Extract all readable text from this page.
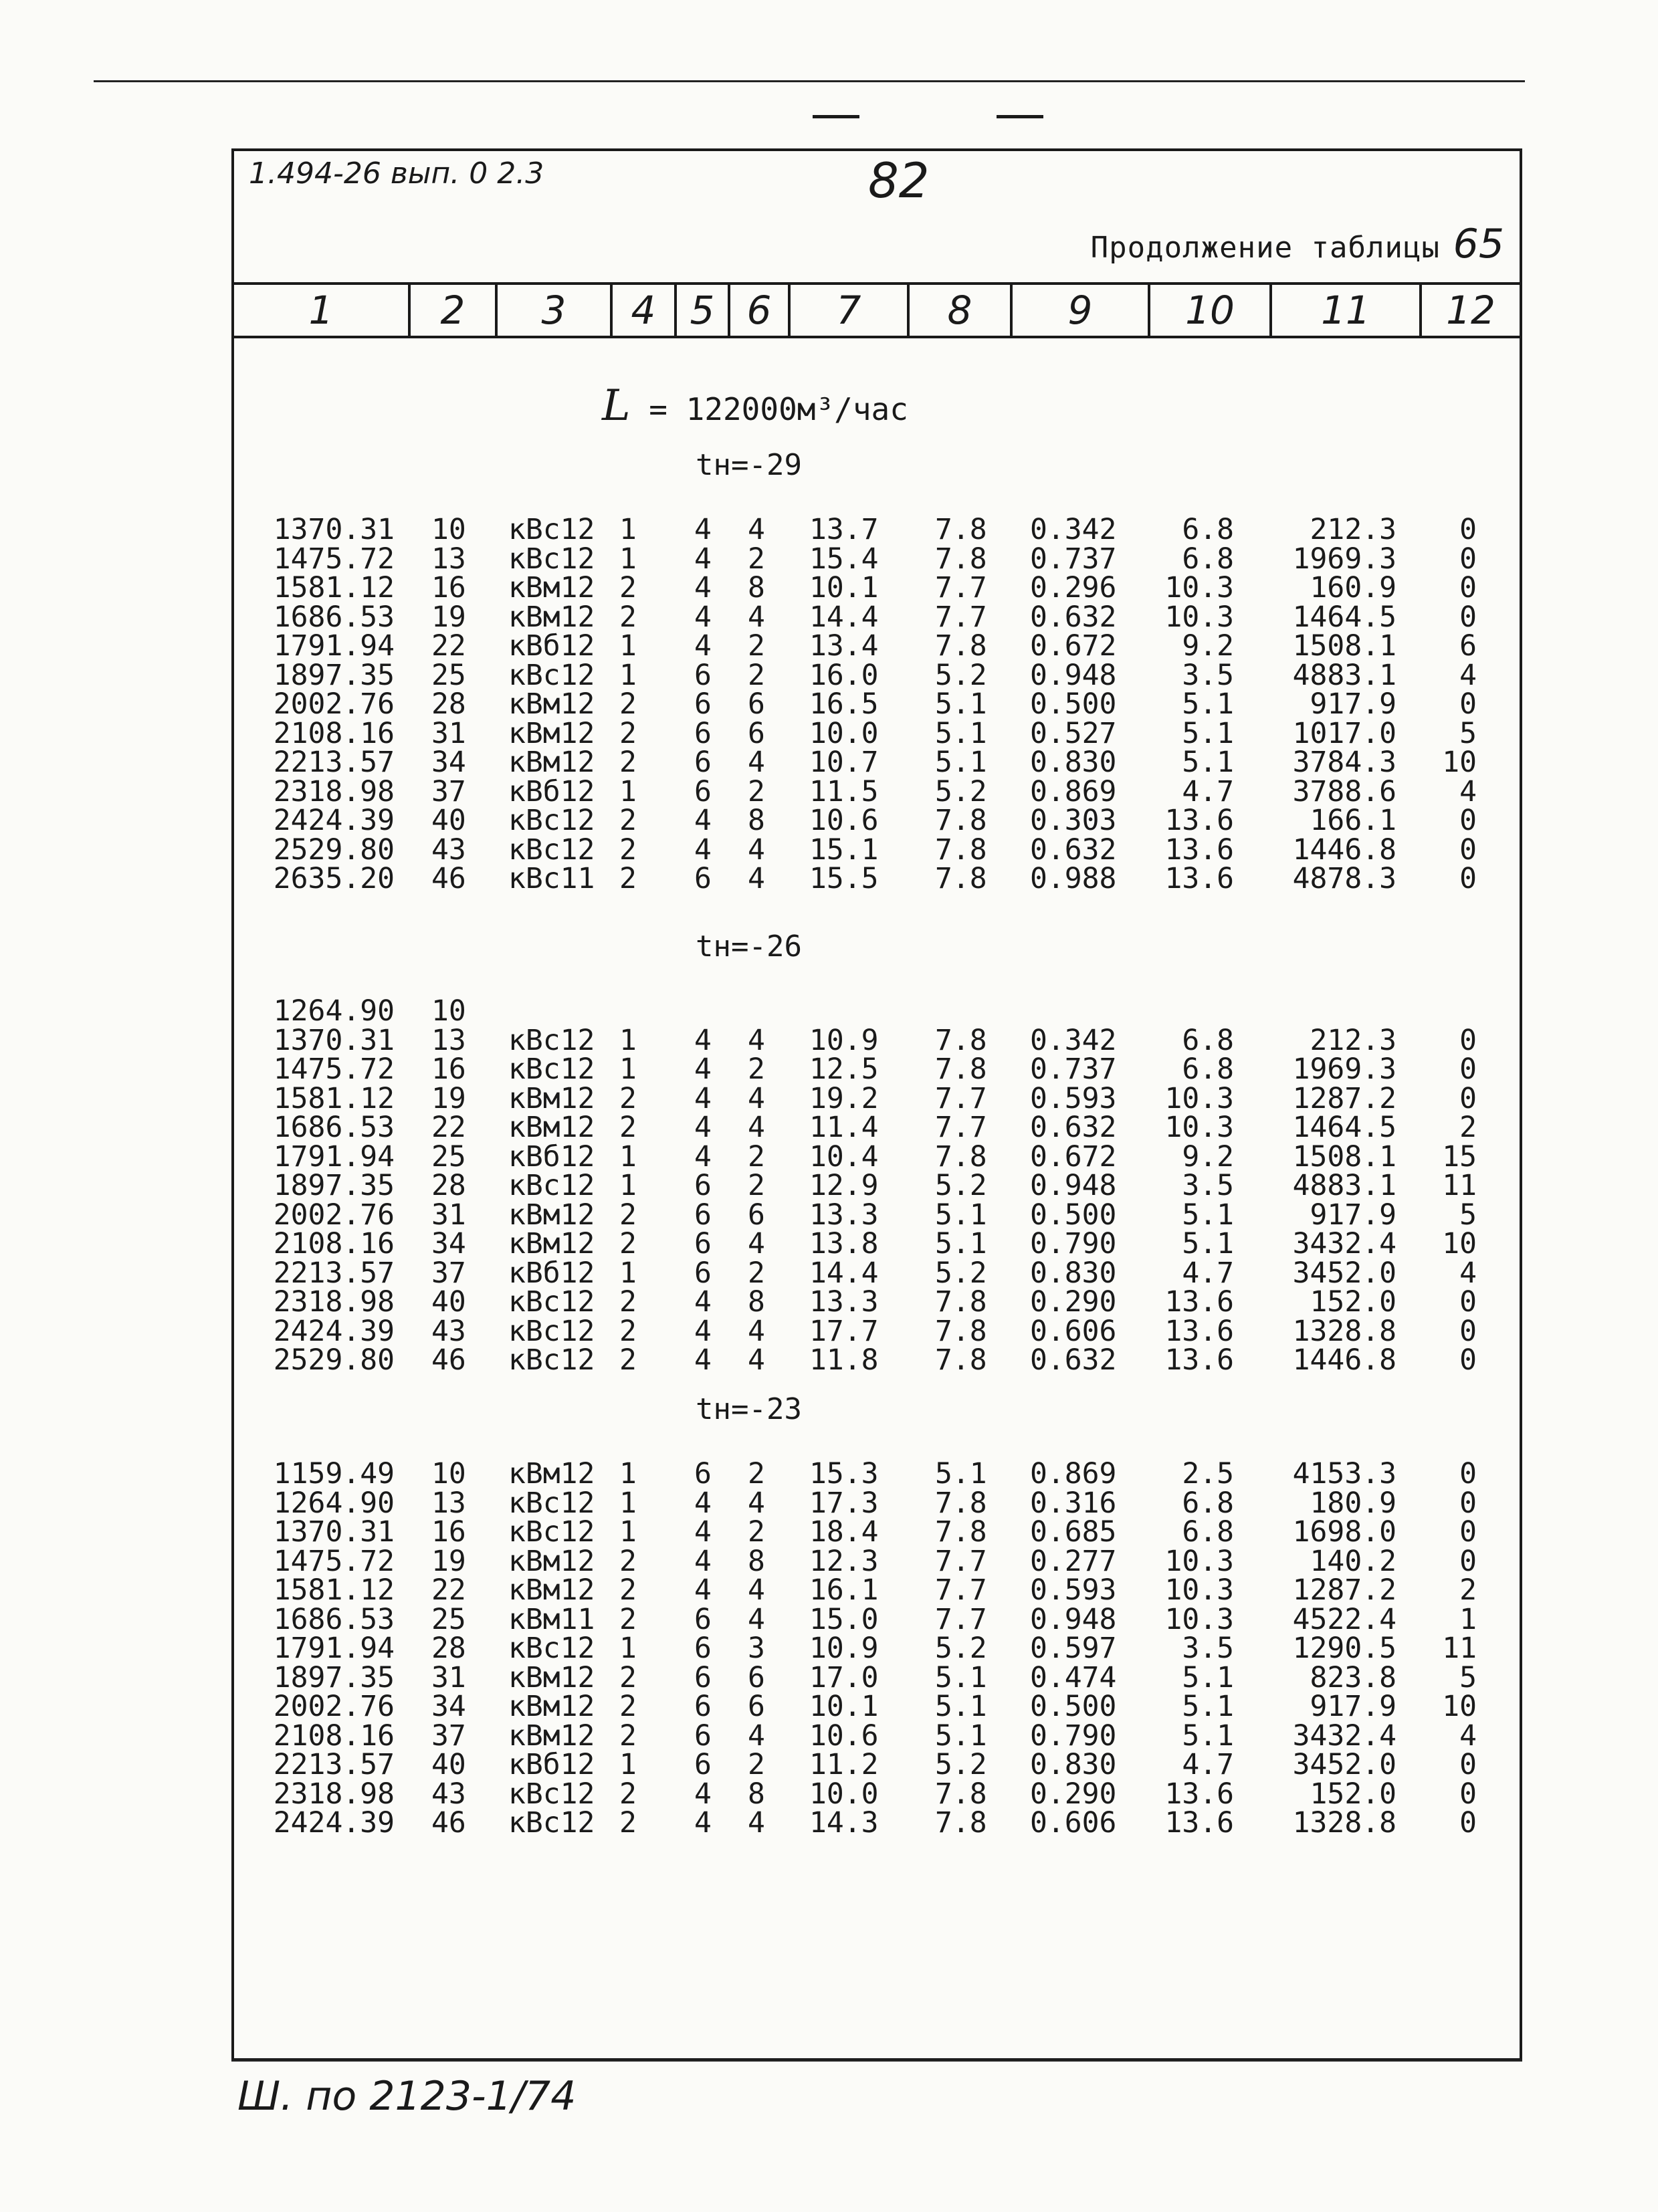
1.494-26 вып. 0 2.3	82
Продолжение таблицы 65
1	2	3	4 5 6	7	8	9	10	11	12
L = 122000м³/час
tн=-29
tн=-26
tн=-23
1370.31 10 кВс12 1 4 4 13.7 7.8 0.342 6.8	212.3 0
1475.72 13 кВс12 1 4 2 15.4 7.8 0.737 6.8 1969.3 0
1581.12 16 кВм12 2 4 8 10.1 7.7 0.296 10.3	160.9 0
1686.53 19 кВм12 2 4 4 14.4 7.7 0.632 10.3 1464.5 0
1791.94 22 кВб12 1 4 2 13.4 7.8 0.672 9.2 1508.1 6
1897.35 25 кВс12 1 6 2 16.0 5.2 0.948 3.5 4883.1 4
2002.76 28 кВм12 2 6 6 16.5 5.1 0.500 5.1	917.9 0
2108.16 31 кВм12 2 6 6 10.0 5.1 0.527 5.1 1017.0 5
2213.57 34 кВм12 2 6 4 10.7 5.1 0.830 5.1 3784.3 10
2318.98 37 кВб12 1 6 2 11.5 5.2 0.869 4.7 3788.6 4
2424.39 40 кВс12 2 4 8 10.6 7.8 0.303 13.6	166.1 0
2529.80 43 кВс12 2 4 4 15.1 7.8 0.632 13.6 1446.8 0
2635.20 46 кВс11 2 6 4 15.5 7.8 0.988 13.6 4878.3 0
1264.90 10
1370.31 13 кВс12 1 4 4 10.9 7.8 0.342 6.8	212.3 0
1475.72 16 кВс12 1 4 2 12.5 7.8 0.737 6.8 1969.3 0
1581.12 19 кВм12 2 4 4 19.2 7.7 0.593 10.3 1287.2 0
1686.53 22 кВм12 2 4 4 11.4 7.7 0.632 10.3 1464.5 2
1791.94 25 кВб12 1 4 2 10.4 7.8 0.672 9.2 1508.1 15
1897.35 28 кВс12 1 6 2 12.9 5.2 0.948 3.5 4883.1 11
2002.76 31 кВм12 2 6 6 13.3 5.1 0.500 5.1	917.9 5
2108.16 34 кВм12 2 6 4 13.8 5.1 0.790 5.1 3432.4 10
2213.57 37 кВб12 1 6 2 14.4 5.2 0.830 4.7 3452.0 4
2318.98 40 кВс12 2 4 8 13.3 7.8 0.290 13.6	152.0 0
2424.39 43 кВс12 2 4 4 17.7 7.8 0.606 13.6 1328.8 0
2529.80 46 кВс12 2 4 4 11.8 7.8 0.632 13.6 1446.8 0
1159.49 10 кВм12 1 6 2 15.3 5.1 0.869 2.5 4153.3 0
1264.90 13 кВс12 1 4 4 17.3 7.8 0.316 6.8	180.9 0
1370.31 16 кВс12 1 4 2 18.4 7.8 0.685 6.8 1698.0 0
1475.72 19 кВм12 2 4 8 12.3 7.7 0.277 10.3	140.2 0
1581.12 22 кВм12 2 4 4 16.1 7.7 0.593 10.3 1287.2 2
1686.53 25 кВм11 2 6 4 15.0 7.7 0.948 10.3 4522.4 1
1791.94 28 кВс12 1 6 3 10.9 5.2 0.597 3.5 1290.5 11
1897.35 31 кВм12 2 6 6 17.0 5.1 0.474 5.1	823.8 5
2002.76 34 кВм12 2 6 6 10.1 5.1 0.500 5.1	917.9 10
2108.16 37 кВм12 2 6 4 10.6 5.1 0.790 5.1 3432.4 4
2213.57 40 кВб12 1 6 2 11.2 5.2 0.830 4.7 3452.0 0
2318.98 43 кВс12 2 4 8 10.0 7.8 0.290 13.6	152.0 0
2424.39 46 кВс12 2 4 4 14.3 7.8 0.606 13.6 1328.8 0
Ш. по 2123-1/74
